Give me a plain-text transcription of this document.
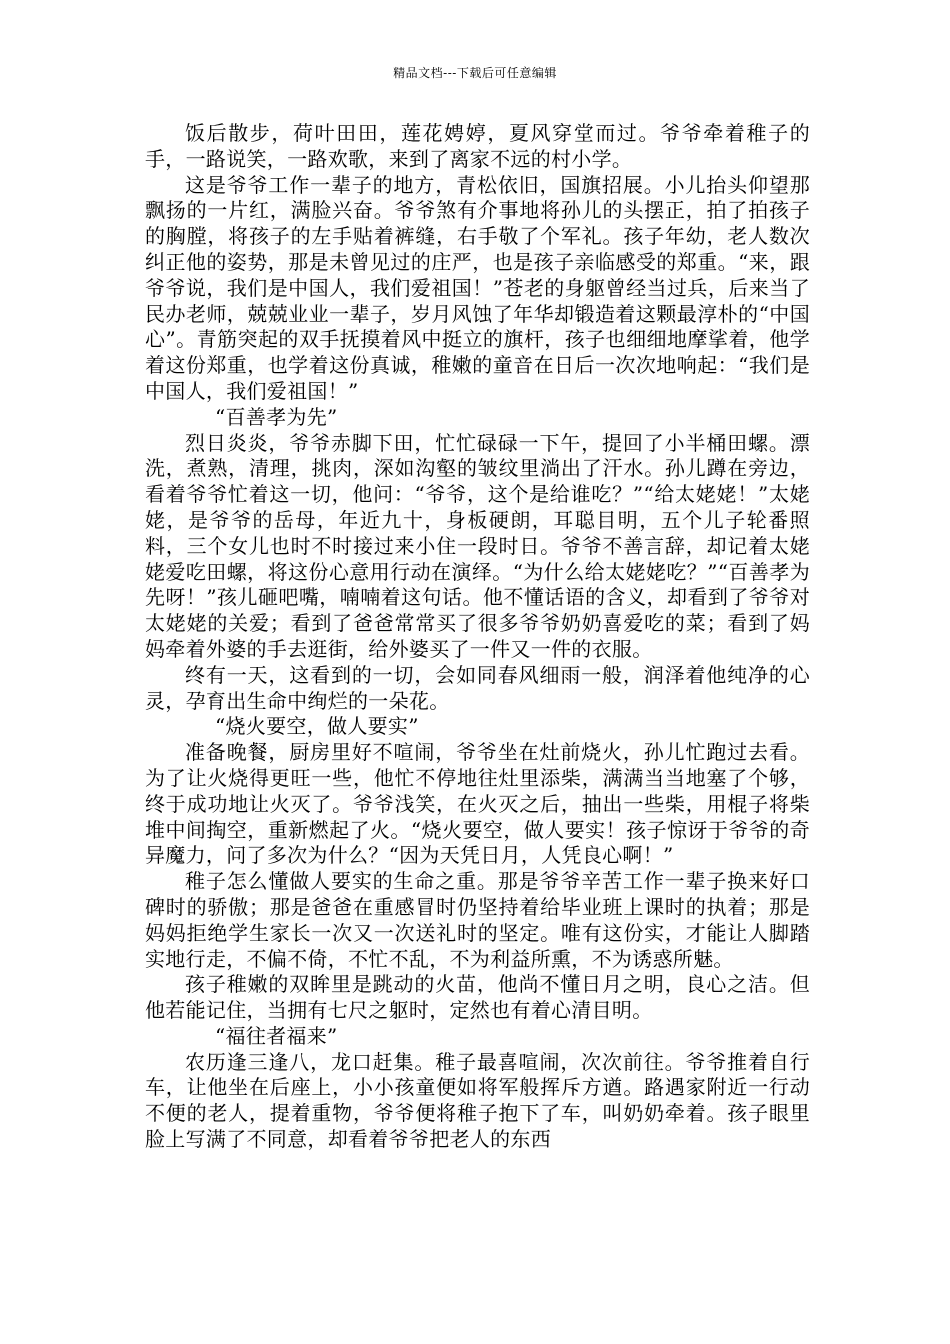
精品文档---下载后可任意编辑

饭后散步，荷叶田田，莲花娉婷，夏风穿堂而过。爷爷牵着稚子的手，一路说笑，一路欢歌，来到了离家不远的村小学。

这是爷爷工作一辈子的地方，青松依旧，国旗招展。小儿抬头仰望那飘扬的一片红，满脸兴奋。爷爷煞有介事地将孙儿的头摆正，拍了拍孩子的胸膛，将孩子的左手贴着裤缝，右手敬了个军礼。孩子年幼，老人数次纠正他的姿势，那是未曾见过的庄严，也是孩子亲临感受的郑重。“来，跟爷爷说，我们是中国人，我们爱祖国！”苍老的身躯曾经当过兵，后来当了民办老师，兢兢业业一辈子，岁月风蚀了年华却锻造着这颗最淳朴的“中国心”。青筋突起的双手抚摸着风中挺立的旗杆，孩子也细细地摩挲着，他学着这份郑重，也学着这份真诚，稚嫩的童音在日后一次次地响起：“我们是中国人，我们爱祖国！”

“百善孝为先”

烈日炎炎，爷爷赤脚下田，忙忙碌碌一下午，提回了小半桶田螺。漂洗，煮熟，清理，挑肉，深如沟壑的皱纹里淌出了汗水。孙儿蹲在旁边，看着爷爷忙着这一切，他问：“爷爷，这个是给谁吃？”“给太姥姥！”太姥姥，是爷爷的岳母，年近九十，身板硬朗，耳聪目明，五个儿子轮番照料，三个女儿也时不时接过来小住一段时日。爷爷不善言辞，却记着太姥姥爱吃田螺，将这份心意用行动在演绎。“为什么给太姥姥吃？”“百善孝为先呀！”孩儿砸吧嘴，喃喃着这句话。他不懂话语的含义，却看到了爷爷对太姥姥的关爱；看到了爸爸常常买了很多爷爷奶奶喜爱吃的菜；看到了妈妈牵着外婆的手去逛街，给外婆买了一件又一件的衣服。

终有一天，这看到的一切，会如同春风细雨一般，润泽着他纯净的心灵，孕育出生命中绚烂的一朵花。

“烧火要空，做人要实”

准备晚餐，厨房里好不喧闹，爷爷坐在灶前烧火，孙儿忙跑过去看。为了让火烧得更旺一些，他忙不停地往灶里添柴，满满当当地塞了个够，终于成功地让火灭了。爷爷浅笑，在火灭之后，抽出一些柴，用棍子将柴堆中间掏空，重新燃起了火。“烧火要空，做人要实！孩子惊讶于爷爷的奇异魔力，问了多次为什么？“因为天凭日月，人凭良心啊！”

稚子怎么懂做人要实的生命之重。那是爷爷辛苦工作一辈子换来好口碑时的骄傲；那是爸爸在重感冒时仍坚持着给毕业班上课时的执着；那是妈妈拒绝学生家长一次又一次送礼时的坚定。唯有这份实，才能让人脚踏实地行走，不偏不倚，不忙不乱，不为利益所熏，不为诱惑所魅。

孩子稚嫩的双眸里是跳动的火苗，他尚不懂日月之明，良心之洁。但他若能记住，当拥有七尺之躯时，定然也有着心清目明。

“福往者福来”

农历逢三逢八，龙口赶集。稚子最喜喧闹，次次前往。爷爷推着自行车，让他坐在后座上，小小孩童便如将军般挥斥方遒。路遇家附近一行动不便的老人，提着重物，爷爷便将稚子抱下了车，叫奶奶牵着。孩子眼里脸上写满了不同意，却看着爷爷把老人的东西
